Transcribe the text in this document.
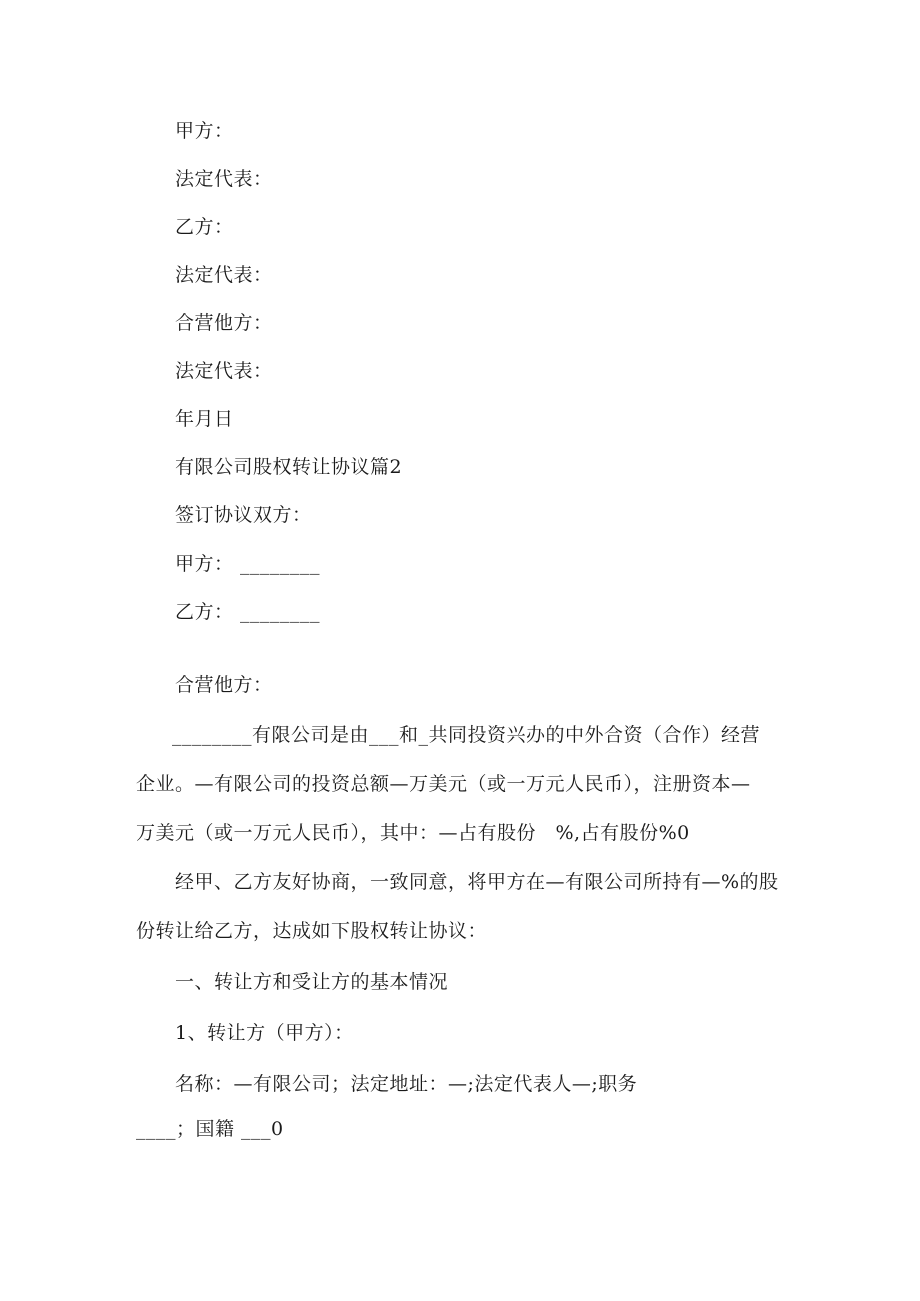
甲方：
法定代表：
乙方：
法定代表：
合营他方：
法定代表：
年月日
有限公司股权转让协议篇2
签订协议双方：
甲方： ________
乙方： ________
合营他方：
________有限公司是由___和_共同投资兴办的中外合资（合作）经营
企业。—有限公司的投资总额—万美元（或一万元人民币），注册资本—
万美元（或一万元人民币），其中：—占有股份　%,占有股份%0
经甲、乙方友好协商，一致同意，将甲方在—有限公司所持有—%的股
份转让给乙方，达成如下股权转让协议：
一、转让方和受让方的基本情况
1、转让方（甲方）：
名称：—有限公司；法定地址：—;法定代表人—;职务
____；国籍 ___0
